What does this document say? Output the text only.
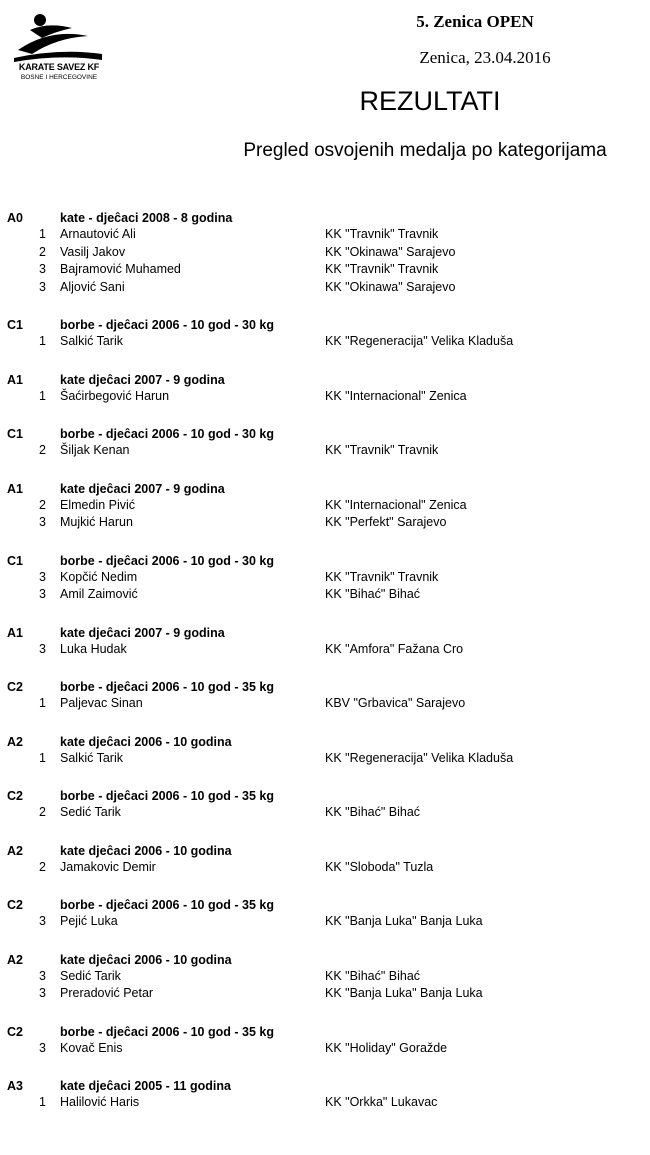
KARATE SAVEZ KF
BOSNE I HERCEGOVINE
5. Zenica OPEN
Zenica, 23.04.2016
REZULTATI
Pregled osvojenih medalja po kategorijama
A0	kate - djeĉaci 2008 - 8 godina
1 Arnautović Ali	KK "Travnik" Travnik
2 Vasilj Jakov	KK "Okinawa" Sarajevo
3 Bajramović Muhamed	KK "Travnik" Travnik
3 Aljović Sani	KK "Okinawa" Sarajevo
C1	borbe - djeĉaci 2006 - 10 god - 30 kg
1 Salkić Tarik	KK "Regeneracija" Velika Kladuša
A1	kate djeĉaci 2007 - 9 godina
1 Šaćirbegović Harun	KK "Internacional" Zenica
C1	borbe - djeĉaci 2006 - 10 god - 30 kg
2 Šiljak Kenan	KK "Travnik" Travnik
A1	kate djeĉaci 2007 - 9 godina
2 Elmedin Pivić	KK "Internacional" Zenica
3 Mujkić Harun	KK "Perfekt" Sarajevo
C1	borbe - djeĉaci 2006 - 10 god - 30 kg
3 Kopčić Nedim	KK "Travnik" Travnik
3 Amil Zaimović	KK "Bihać" Bihać
A1	kate djeĉaci 2007 - 9 godina
3 Luka Hudak	KK "Amfora" Fažana Cro
C2	borbe - djeĉaci 2006 - 10 god - 35 kg
1 Paljevac Sinan	KBV "Grbavica" Sarajevo
A2	kate djeĉaci 2006 - 10 godina
1 Salkić Tarik	KK "Regeneracija" Velika Kladuša
C2	borbe - djeĉaci 2006 - 10 god - 35 kg
2 Sedić Tarik	KK "Bihać" Bihać
A2	kate djeĉaci 2006 - 10 godina
2 Jamakovic Demir	KK "Sloboda" Tuzla
C2	borbe - djeĉaci 2006 - 10 god - 35 kg
3 Pejić Luka	KK "Banja Luka" Banja Luka
A2	kate djeĉaci 2006 - 10 godina
3 Sedić Tarik	KK "Bihać" Bihać
3 Preradović Petar	KK "Banja Luka" Banja Luka
C2	borbe - djeĉaci 2006 - 10 god - 35 kg
3 Kovač Enis	KK "Holiday" Goražde
A3	kate djeĉaci 2005 - 11 godina
1 Halilović Haris	KK "Orkka" Lukavac
